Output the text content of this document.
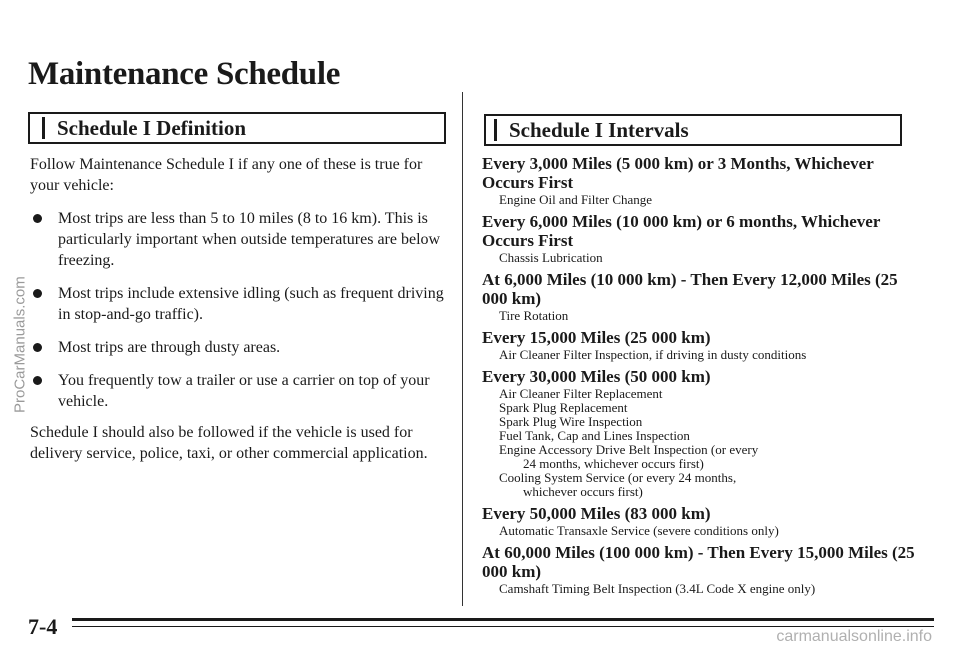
Maintenance Schedule
ProCarManuals.com
Schedule I Definition

Follow Maintenance Schedule I if any one of these is true for your vehicle:

Most trips are less than 5 to 10 miles (8 to 16 km). This is particularly important when outside temperatures are below freezing.
Most trips include extensive idling (such as frequent driving in stop-and-go traffic).
Most trips are through dusty areas.
You frequently tow a trailer or use a carrier on top of your vehicle.

Schedule I should also be followed if the vehicle is used for delivery service, police, taxi, or other commercial application.

Schedule I Intervals

Every 3,000 Miles (5 000 km) or 3 Months, Whichever Occurs First

Engine Oil and Filter Change

Every 6,000 Miles (10 000 km) or 6 months, Whichever Occurs First

Chassis Lubrication

At 6,000 Miles (10 000 km) - Then Every 12,000 Miles (25 000 km)

Tire Rotation

Every 15,000 Miles (25 000 km)

Air Cleaner Filter Inspection, if driving in dusty conditions

Every 30,000 Miles (50 000 km)

Air Cleaner Filter Replacement
Spark Plug Replacement
Spark Plug Wire Inspection
Fuel Tank, Cap and Lines Inspection
Engine Accessory Drive Belt Inspection (or every
24 months, whichever occurs first)
Cooling System Service (or every 24 months,
whichever occurs first)

Every 50,000 Miles (83 000 km)

Automatic Transaxle Service (severe conditions only)

At 60,000 Miles (100 000 km) - Then Every 15,000 Miles (25 000 km)

Camshaft Timing Belt Inspection (3.4L Code X engine only)
7-4	carmanualsonline.info
